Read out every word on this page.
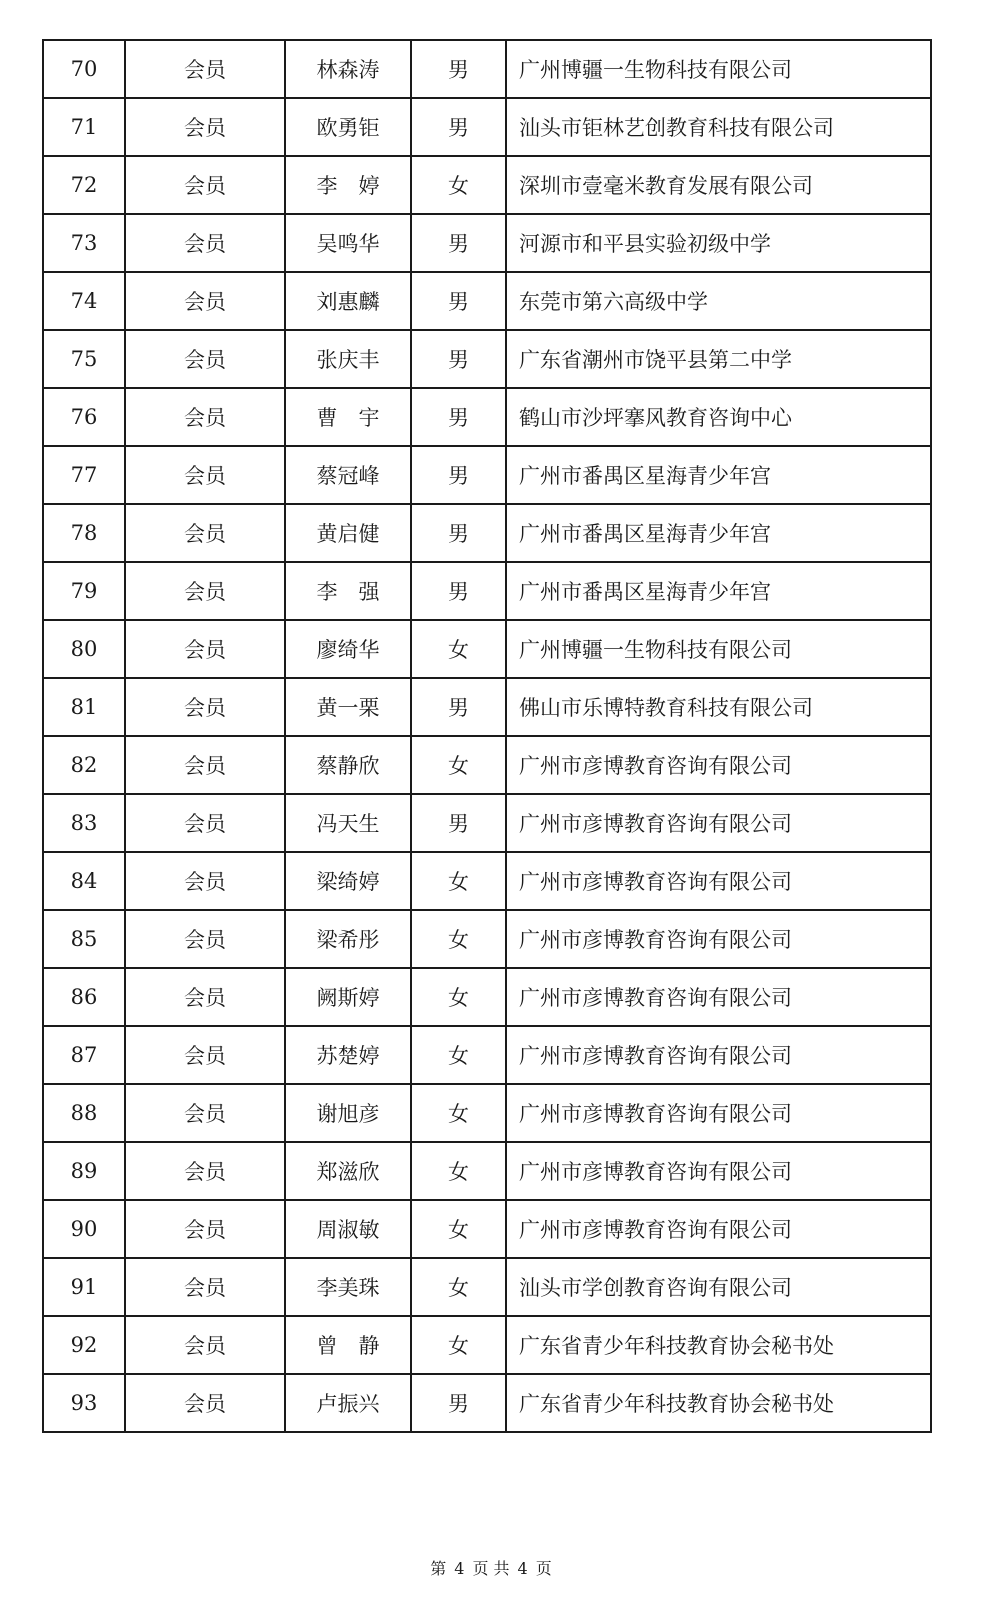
70	会员	林森涛	男	广州博疆一生物科技有限公司
71	会员	欧勇钜	男	汕头市钜林艺创教育科技有限公司
72	会员	李　婷	女	深圳市壹毫米教育发展有限公司
73	会员	吴鸣华	男	河源市和平县实验初级中学
74	会员	刘惠麟	男	东莞市第六高级中学
75	会员	张庆丰	男	广东省潮州市饶平县第二中学
76	会员	曹　宇	男	鹤山市沙坪搴风教育咨询中心
77	会员	蔡冠峰	男	广州市番禺区星海青少年宫
78	会员	黄启健	男	广州市番禺区星海青少年宫
79	会员	李　强	男	广州市番禺区星海青少年宫
80	会员	廖绮华	女	广州博疆一生物科技有限公司
81	会员	黄一栗	男	佛山市乐博特教育科技有限公司
82	会员	蔡静欣	女	广州市彦博教育咨询有限公司
83	会员	冯天生	男	广州市彦博教育咨询有限公司
84	会员	梁绮婷	女	广州市彦博教育咨询有限公司
85	会员	梁希彤	女	广州市彦博教育咨询有限公司
86	会员	阙斯婷	女	广州市彦博教育咨询有限公司
87	会员	苏楚婷	女	广州市彦博教育咨询有限公司
88	会员	谢旭彦	女	广州市彦博教育咨询有限公司
89	会员	郑滋欣	女	广州市彦博教育咨询有限公司
90	会员	周淑敏	女	广州市彦博教育咨询有限公司
91	会员	李美珠	女	汕头市学创教育咨询有限公司
92	会员	曾　静	女	广东省青少年科技教育协会秘书处
93	会员	卢振兴	男	广东省青少年科技教育协会秘书处
第 4 页 共 4 页
